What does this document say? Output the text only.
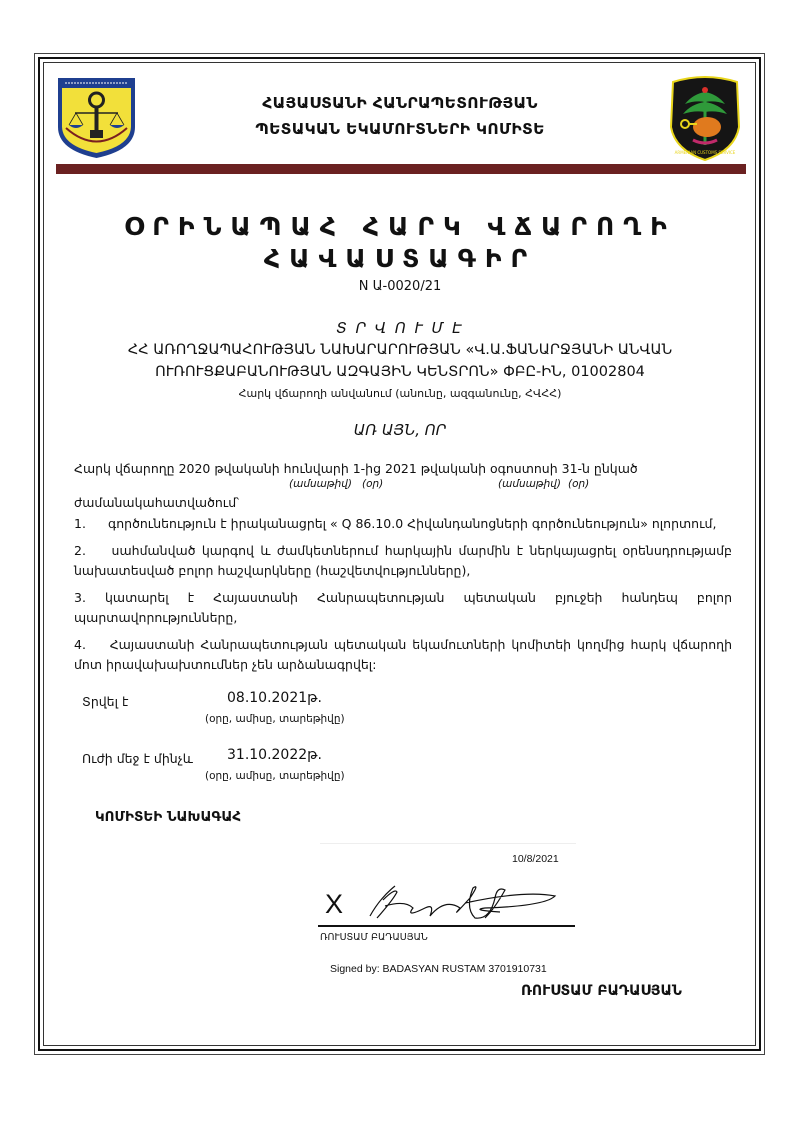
ARMENIAN CUSTOMS SERVICE
ՀԱՅԱՍՏԱՆԻ ՀԱՆՐԱՊԵՏՈՒԹՅԱՆ
ՊԵՏԱԿԱՆ ԵԿԱՄՈՒՏՆԵՐԻ ԿՈՄԻՏԵ
ՕՐԻՆԱՊԱՀ ՀԱՐԿ ՎՃԱՐՈՂԻ
ՀԱՎԱՍՏԱԳԻՐ
N Ա-0020/21
Տ Ր Վ Ո Ւ Մ Է
ՀՀ ԱՌՈՂՋԱՊԱՀՈՒԹՅԱՆ ՆԱԽԱՐԱՐՈՒԹՅԱՆ «Վ.Ա.ՖԱՆԱՐՋՅԱՆԻ ԱՆՎԱՆ
ՈՒՌՈՒՑՔԱԲԱՆՈՒԹՅԱՆ ԱԶԳԱՅԻՆ ԿԵՆՏՐՈՆ» ՓԲԸ-ԻՆ, 01002804
Հարկ վճարողի անվանում (անունը, ազգանունը, ՀՎՀՀ)
ԱՌ ԱՅՆ, ՈՐ
Հարկ վճարողը 2020 թվականի հունվարի 1-ից 2021 թվականի օգոստոսի 31-ն ընկած
(ամսաթիվ) (օր)	(ամսաթիվ) (օր)
ժամանակահատվածում՝
1. գործունեություն է իրականացրել « Q 86.10.0 Հիվանդանոցների գործունեություն» ոլորտում,
2. սահմանված կարգով և ժամկետներում հարկային մարմին է ներկայացրել օրենսդրությամբ
նախատեսված բոլոր հաշվարկները (հաշվետվությունները),
3. կատարել է Հայաստանի Հանրապետության պետական բյուջեի հանդեպ բոլոր
պարտավորությունները,
4. Հայաստանի Հանրապետության պետական եկամուտների կոմիտեի կողմից հարկ վճարողի
մոտ իրավախախտումներ չեն արձանագրվել:
Տրվել է	08.10.2021թ.
(օրը, ամիսը, տարեթիվը)
Ուժի մեջ է մինչև 31.10.2022թ.
(օրը, ամիսը, տարեթիվը)
ԿՈՄԻՏԵԻ ՆԱԽԱԳԱՀ
10/8/2021
X
ՌՈՒՍՏԱՄ ԲԱԴԱՍՅԱՆ
Signed by: BADASYAN RUSTAM 3701910731
ՌՈՒՍՏԱՄ ԲԱԴԱՍՅԱՆ
